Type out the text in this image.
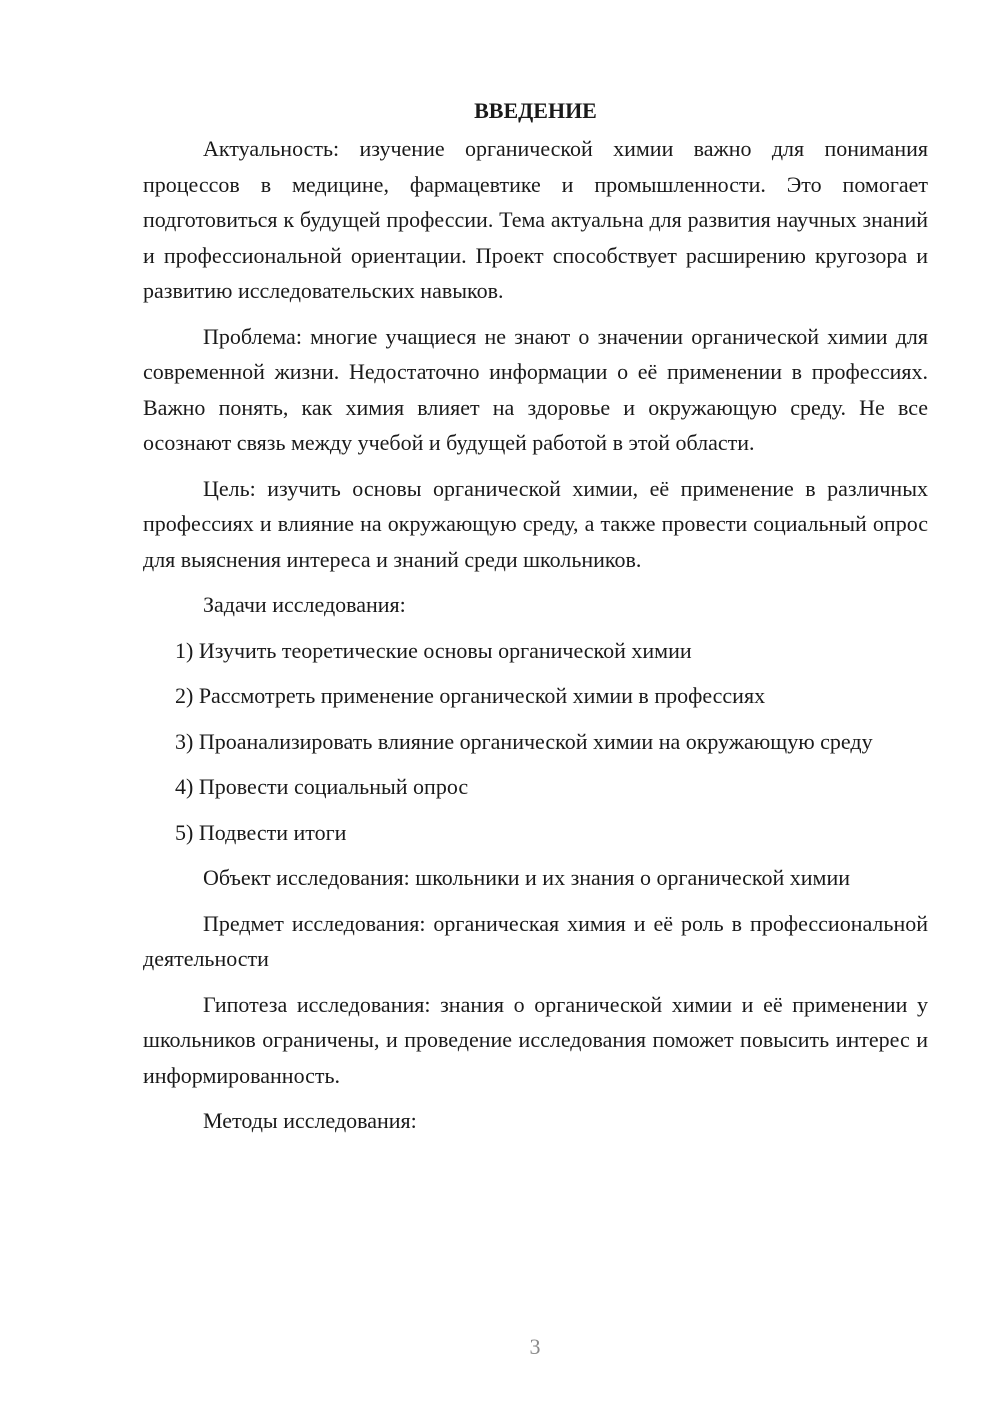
ВВЕДЕНИЕ

Актуальность: изучение органической химии важно для понимания процессов в медицине, фармацевтике и промышленности. Это помогает подготовиться к будущей профессии. Тема актуальна для развития научных знаний и профессиональной ориентации. Проект способствует расширению кругозора и развитию исследовательских навыков.

Проблема: многие учащиеся не знают о значении органической химии для современной жизни. Недостаточно информации о её применении в профессиях. Важно понять, как химия влияет на здоровье и окружающую среду. Не все осознают связь между учебой и будущей работой в этой области.

Цель: изучить основы органической химии, её применение в различных профессиях и влияние на окружающую среду, а также провести социальный опрос для выяснения интереса и знаний среди школьников.

Задачи исследования:

1) Изучить теоретические основы органической химии

2) Рассмотреть применение органической химии в профессиях

3) Проанализировать влияние органической химии на окружающую среду

4) Провести социальный опрос

5) Подвести итоги

Объект исследования: школьники и их знания о органической химии

Предмет исследования: органическая химия и её роль в профессиональной деятельности

Гипотеза исследования: знания о органической химии и её применении у школьников ограничены, и проведение исследования поможет повысить интерес и информированность.

Методы исследования:

3
